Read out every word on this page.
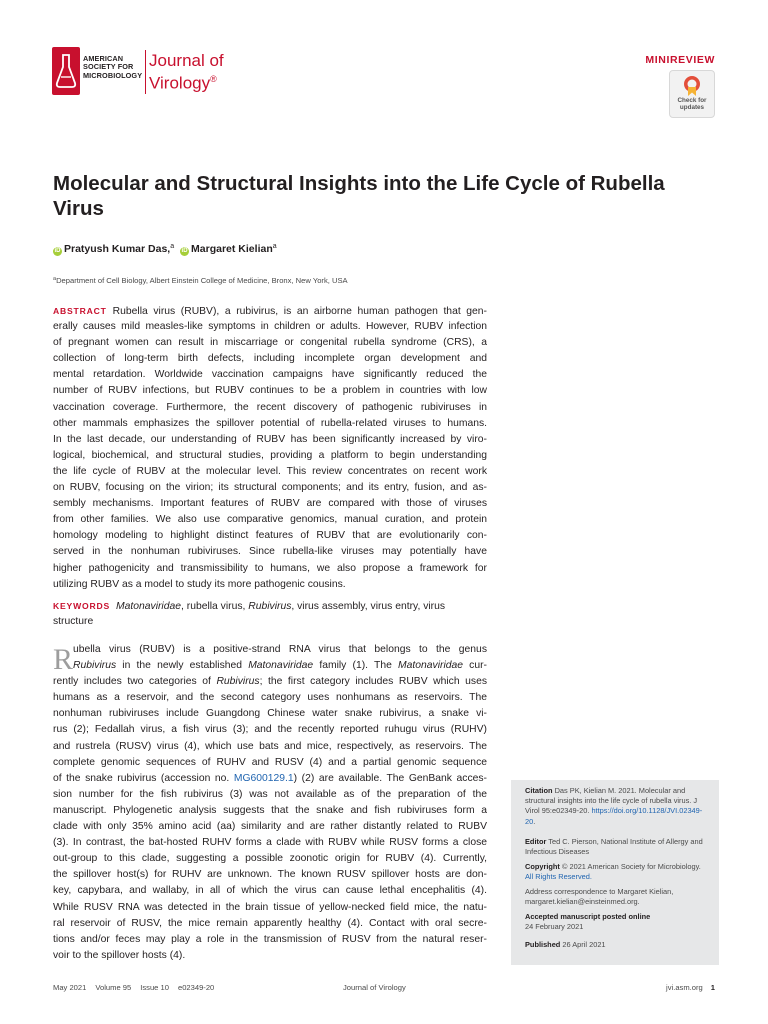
AMERICAN
SOCIETY FOR
MICROBIOLOGY
Journal of
Virology®
MINIREVIEW
Check for
updates
Molecular and Structural Insights into the Life Cycle of Rubella Virus
iD Pratyush Kumar Das,$^a$ iD Margaret Kielian$^a$
$^a$Department of Cell Biology, Albert Einstein College of Medicine, Bronx, New York, USA
ABSTRACT Rubella virus (RUBV), a rubivirus, is an airborne human pathogen that gen-
erally causes mild measles-like symptoms in children or adults. However, RUBV infection
of pregnant women can result in miscarriage or congenital rubella syndrome (CRS), a
collection of long-term birth defects, including incomplete organ development and
mental retardation. Worldwide vaccination campaigns have significantly reduced the
number of RUBV infections, but RUBV continues to be a problem in countries with low
vaccination coverage. Furthermore, the recent discovery of pathogenic rubiviruses in
other mammals emphasizes the spillover potential of rubella-related viruses to humans.
In the last decade, our understanding of RUBV has been significantly increased by viro-
logical, biochemical, and structural studies, providing a platform to begin understanding
the life cycle of RUBV at the molecular level. This review concentrates on recent work
on RUBV, focusing on the virion; its structural components; and its entry, fusion, and as-
sembly mechanisms. Important features of RUBV are compared with those of viruses
from other families. We also use comparative genomics, manual curation, and protein
homology modeling to highlight distinct features of RUBV that are evolutionarily con-
served in the nonhuman rubiviruses. Since rubella-like viruses may potentially have
higher pathogenicity and transmissibility to humans, we also propose a framework for
utilizing RUBV as a model to study its more pathogenic cousins.
KEYWORDS Matonaviridae, rubella virus, Rubivirus, virus assembly, virus entry, virus
structure
R ubella virus (RUBV) is a positive-strand RNA virus that belongs to the genus
Rubivirus in the newly established Matonaviridae family (1). The Matonaviridae cur-
rently includes two categories of Rubivirus; the first category includes RUBV which uses
humans as a reservoir, and the second category uses nonhumans as reservoirs. The
nonhuman rubiviruses include Guangdong Chinese water snake rubivirus, a snake vi-
rus (2); Fedallah virus, a fish virus (3); and the recently reported ruhugu virus (RUHV)
and rustrela (RUSV) virus (4), which use bats and mice, respectively, as reservoirs. The
complete genomic sequences of RUHV and RUSV (4) and a partial genomic sequence
of the snake rubivirus (accession no. MG600129.1) (2) are available. The GenBank acces-
sion number for the fish rubivirus (3) was not available as of the preparation of the
manuscript. Phylogenetic analysis suggests that the snake and fish rubiviruses form a
clade with only 35% amino acid (aa) similarity and are rather distantly related to RUBV
(3). In contrast, the bat-hosted RUHV forms a clade with RUBV while RUSV forms a close
out-group to this clade, suggesting a possible zoonotic origin for RUBV (4). Currently,
the spillover host(s) for RUHV are unknown. The known RUSV spillover hosts are don-
key, capybara, and wallaby, in all of which the virus can cause lethal encephalitis (4).
While RUSV RNA was detected in the brain tissue of yellow-necked field mice, the natu-
ral reservoir of RUSV, the mice remain apparently healthy (4). Contact with oral secre-
tions and/or feces may play a role in the transmission of RUSV from the natural reser-
voir to the spillover hosts (4).
Citation Das PK, Kielian M. 2021. Molecular and structural insights into the life cycle of rubella virus. J Virol 95:e02349-20. https://doi.org/10.1128/JVI.02349-20.
Editor Ted C. Pierson, National Institute of Allergy and Infectious Diseases
Copyright © 2021 American Society for Microbiology. All Rights Reserved.
Address correspondence to Margaret Kielian, margaret.kielian@einsteinmed.org.
Accepted manuscript posted online
24 February 2021
Published 26 April 2021
May 2021 Volume 95 Issue 10 e02349-20	Journal of Virology	jvi.asm.org 1
